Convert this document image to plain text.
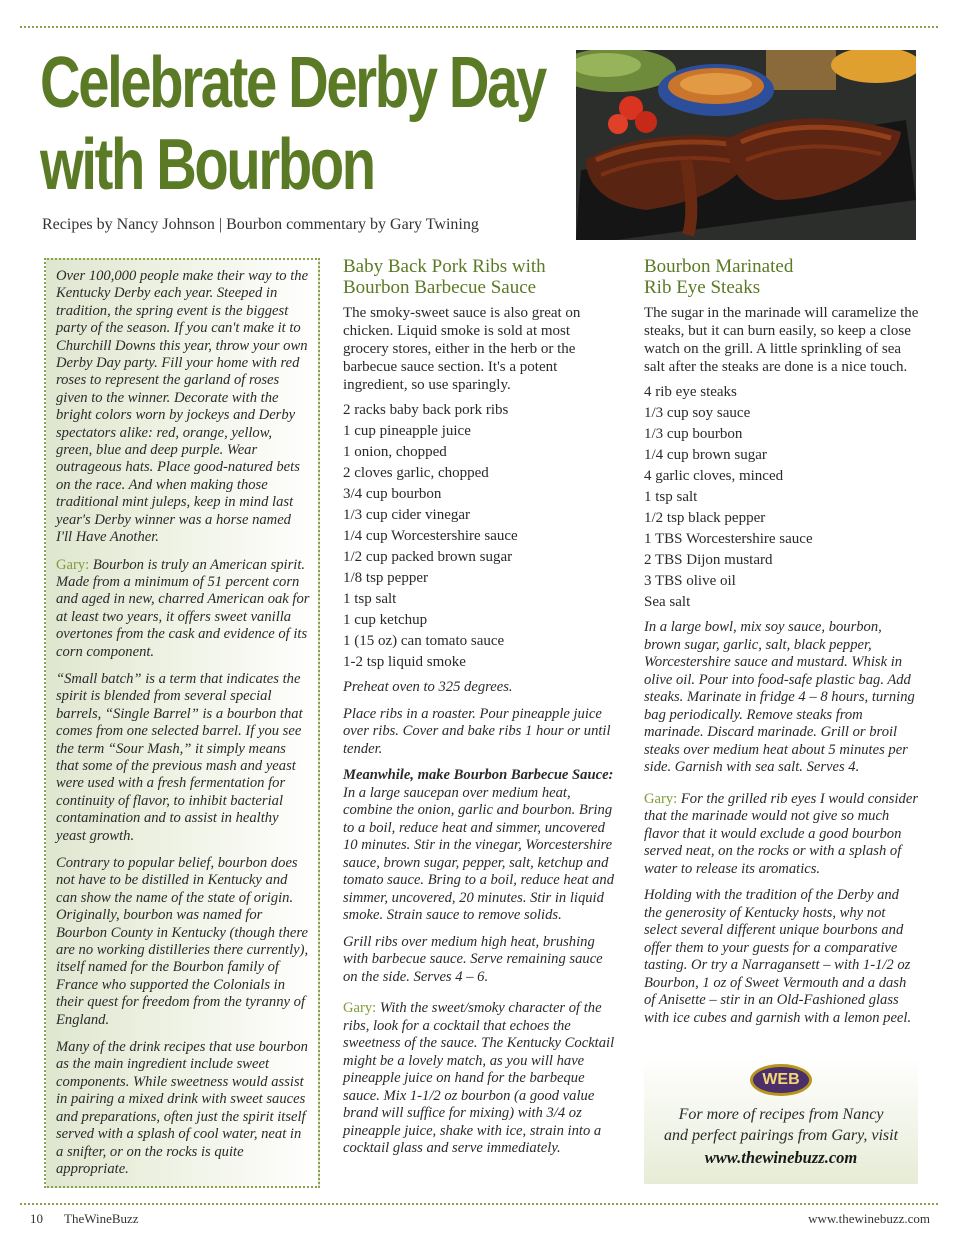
Celebrate Derby Day
with Bourbon
Recipes by Nancy Johnson | Bourbon commentary by Gary Twining

Over 100,000 people make their way to the Kentucky Derby each year. Steeped in tradition, the spring event is the biggest party of the season. If you can't make it to Churchill Downs this year, throw your own Derby Day party. Fill your home with red roses to represent the garland of roses given to the winner. Decorate with the bright colors worn by jockeys and Derby spectators alike: red, orange, yellow, green, blue and deep purple. Wear outrageous hats. Place good-natured bets on the race. And when making those traditional mint juleps, keep in mind last year's Derby winner was a horse named I'll Have Another.

Gary: Bourbon is truly an American spirit. Made from a minimum of 51 percent corn and aged in new, charred American oak for at least two years, it offers sweet vanilla overtones from the cask and evidence of its corn component.

“Small batch” is a term that indicates the spirit is blended from several special barrels, “Single Barrel” is a bourbon that comes from one selected barrel. If you see the term “Sour Mash,” it simply means that some of the previous mash and yeast were used with a fresh fermentation for continuity of flavor, to inhibit bacterial contamination and to assist in healthy yeast growth.

Contrary to popular belief, bourbon does not have to be distilled in Kentucky and can show the name of the state of origin. Originally, bourbon was named for Bourbon County in Kentucky (though there are no working distilleries there currently), itself named for the Bourbon family of France who supported the Colonials in their quest for freedom from the tyranny of England.

Many of the drink recipes that use bourbon as the main ingredient include sweet components. While sweetness would assist in pairing a mixed drink with sweet sauces and preparations, often just the spirit itself served with a splash of cool water, neat in a snifter, or on the rocks is quite appropriate.

Baby Back Pork Ribs with
Bourbon Barbecue Sauce

The smoky-sweet sauce is also great on chicken. Liquid smoke is sold at most grocery stores, either in the herb or the barbecue sauce section. It's a potent ingredient, so use sparingly.

2 racks baby back pork ribs
1 cup pineapple juice
1 onion, chopped
2 cloves garlic, chopped
3/4 cup bourbon
1/3 cup cider vinegar
1/4 cup Worcestershire sauce
1/2 cup packed brown sugar
1/8 tsp pepper
1 tsp salt
1 cup ketchup
1 (15 oz) can tomato sauce
1-2 tsp liquid smoke

Preheat oven to 325 degrees.

Place ribs in a roaster. Pour pineapple juice over ribs. Cover and bake ribs 1 hour or until tender.

Meanwhile, make Bourbon Barbecue Sauce: In a large saucepan over medium heat, combine the onion, garlic and bourbon. Bring to a boil, reduce heat and simmer, uncovered 10 minutes. Stir in the vinegar, Worcestershire sauce, brown sugar, pepper, salt, ketchup and tomato sauce. Bring to a boil, reduce heat and simmer, uncovered, 20 minutes. Stir in liquid smoke. Strain sauce to remove solids.

Grill ribs over medium high heat, brushing with barbecue sauce. Serve remaining sauce on the side. Serves 4 – 6.

Gary: With the sweet/smoky character of the ribs, look for a cocktail that echoes the sweetness of the sauce. The Kentucky Cocktail might be a lovely match, as you will have pineapple juice on hand for the barbeque sauce. Mix 1-1/2 oz bourbon (a good value brand will suffice for mixing) with 3/4 oz pineapple juice, shake with ice, strain into a cocktail glass and serve immediately.

Bourbon Marinated
Rib Eye Steaks

The sugar in the marinade will caramelize the steaks, but it can burn easily, so keep a close watch on the grill. A little sprinkling of sea salt after the steaks are done is a nice touch.

4 rib eye steaks
1/3 cup soy sauce
1/3 cup bourbon
1/4 cup brown sugar
4 garlic cloves, minced
1 tsp salt
1/2 tsp black pepper
1 TBS Worcestershire sauce
2 TBS Dijon mustard
3 TBS olive oil
Sea salt

In a large bowl, mix soy sauce, bourbon, brown sugar, garlic, salt, black pepper, Worcestershire sauce and mustard. Whisk in olive oil. Pour into food-safe plastic bag. Add steaks. Marinate in fridge 4 – 8 hours, turning bag periodically. Remove steaks from marinade. Discard marinade. Grill or broil steaks over medium heat about 5 minutes per side. Garnish with sea salt. Serves 4.

Gary: For the grilled rib eyes I would consider that the marinade would not give so much flavor that it would exclude a good bourbon served neat, on the rocks or with a splash of water to release its aromatics.

Holding with the tradition of the Derby and the generosity of Kentucky hosts, why not select several different unique bourbons and offer them to your guests for a comparative tasting. Or try a Narragansett – with 1-1/2 oz Bourbon, 1 oz of Sweet Vermouth and a dash of Anisette – stir in an Old-Fashioned glass with ice cubes and garnish with a lemon peel.

WEB
For more of recipes from Nancy
and perfect pairings from Gary, visit
www.thewinebuzz.com
10 TheWineBuzz	www.thewinebuzz.com
